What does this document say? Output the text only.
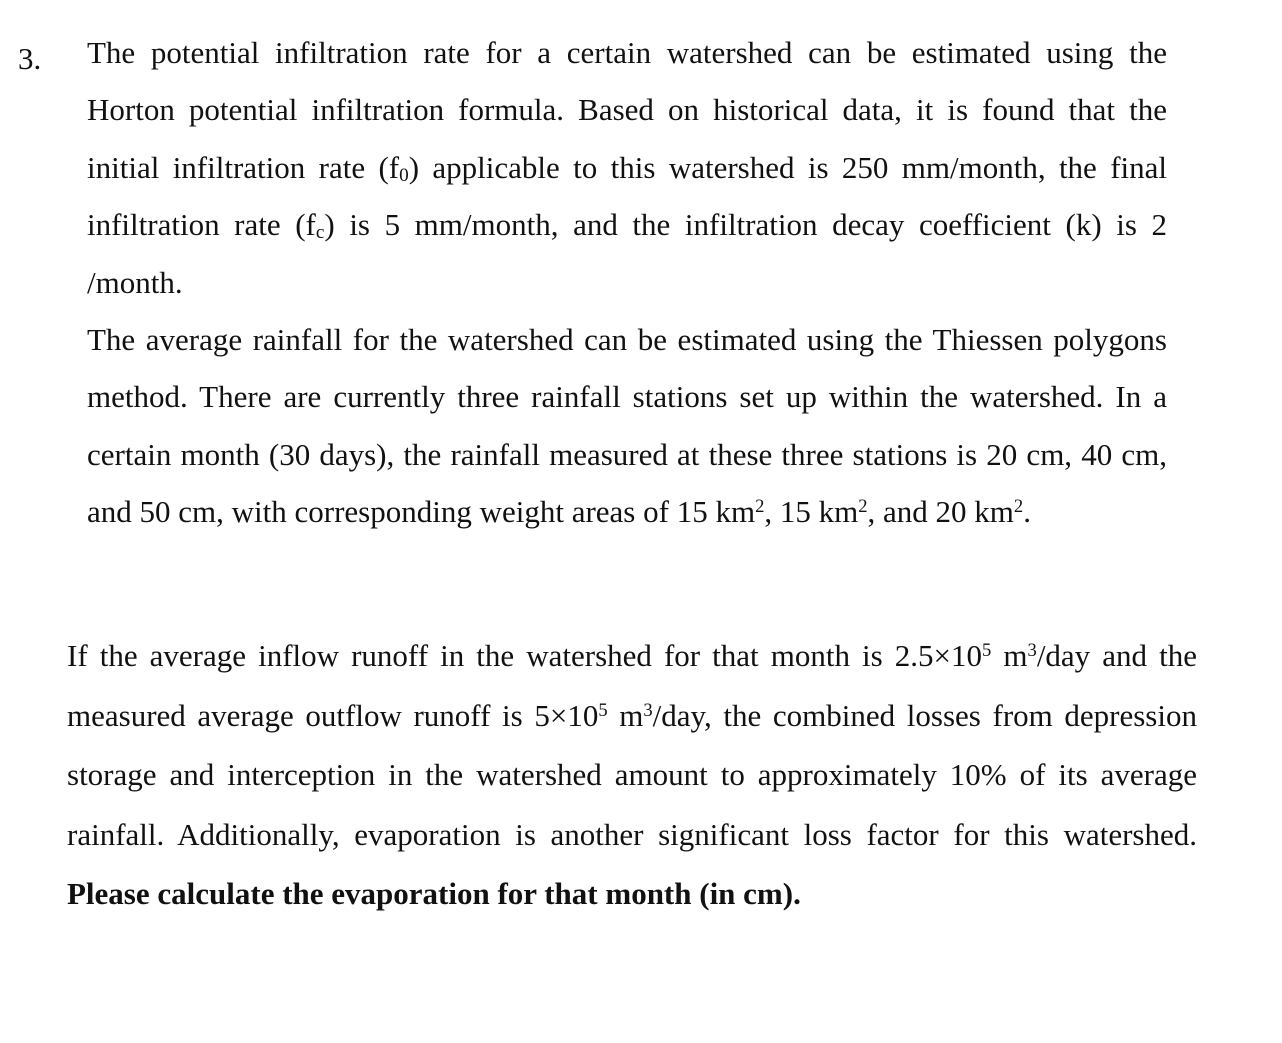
3. The potential infiltration rate for a certain watershed can be estimated using the Horton potential infiltration formula. Based on historical data, it is found that the initial infiltration rate $(f_0)$ applicable to this watershed is 250 mm/month, the final infiltration rate $(f_c)$ is 5 mm/month, and the infiltration decay coefficient (k) is 2 /month.

The average rainfall for the watershed can be estimated using the Thiessen polygons method. There are currently three rainfall stations set up within the watershed. In a certain month (30 days), the rainfall measured at these three stations is 20 cm, 40 cm, and 50 cm, with corresponding weight areas of 15 $km^2$, 15 $km^2$, and 20 $km^2$.

If the average inflow runoff in the watershed for that month is $2.5\times 10^5$ $m^3$/day and the measured average outflow runoff is $5\times 10^5$ $m^3$/day, the combined losses from depression storage and interception in the watershed amount to approximately 10% of its average rainfall. Additionally, evaporation is another significant loss factor for this watershed. Please calculate the evaporation for that month (in cm).
